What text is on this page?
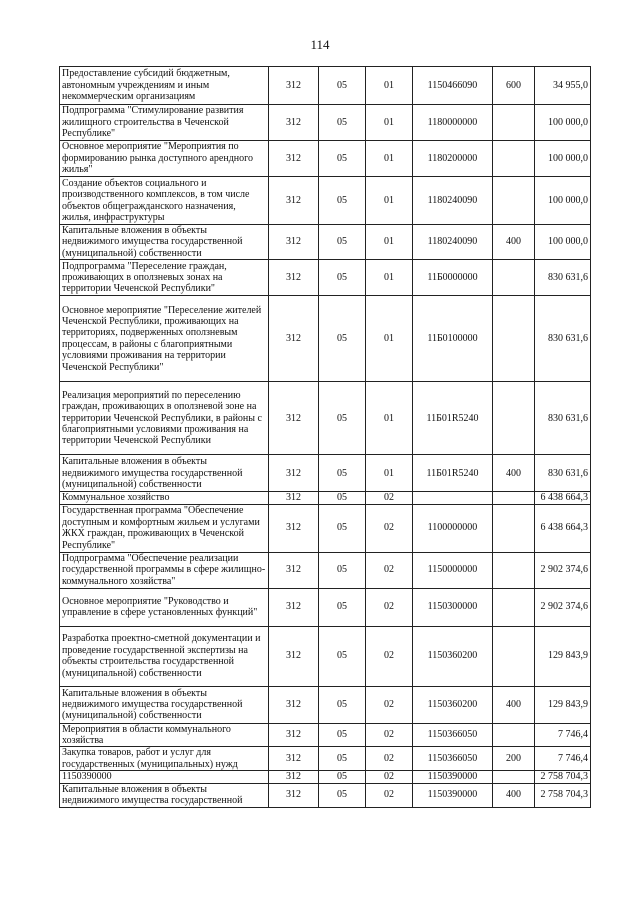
114
Предоставление субсидий бюджетным, автономным учреждениям и иным некоммерческим организациям	312	05	01	1150466090	600	34 955,0
Подпрограмма "Стимулирование развития жилищного строительства в Чеченской Республике"	312	05	01	1180000000		100 000,0
Основное мероприятие "Мероприятия по формированию рынка доступного арендного жилья"	312	05	01	1180200000		100 000,0
Создание объектов социального и производственного комплексов, в том числе объектов общегражданского назначения, жилья, инфраструктуры	312	05	01	1180240090		100 000,0
Капитальные вложения в объекты недвижимого имущества государственной (муниципальной) собственности	312	05	01	1180240090	400	100 000,0
Подпрограмма "Переселение граждан, проживающих в оползневых зонах на территории Чеченской Республики"	312	05	01	11Б0000000		830 631,6
Основное мероприятие "Переселение жителей Чеченской Республики, проживающих на территориях, подверженных оползневым процессам, в районы с благоприятными условиями проживания на территории Чеченской Республики"	312	05	01	11Б0100000		830 631,6
Реализация мероприятий по переселению граждан, проживающих в оползневой зоне на территории Чеченской Республики, в районы с благоприятными условиями проживания на территории Чеченской Республики	312	05	01	11Б01R5240		830 631,6
Капитальные вложения в объекты недвижимого имущества государственной (муниципальной) собственности	312	05	01	11Б01R5240	400	830 631,6
Коммунальное хозяйство	312	05	02			6 438 664,3
Государственная программа "Обеспечение доступным и комфортным жильем и услугами ЖКХ граждан, проживающих в Чеченской Республике"	312	05	02	1100000000		6 438 664,3
Подпрограмма "Обеспечение реализации государственной программы в сфере жилищно-коммунального хозяйства"	312	05	02	1150000000		2 902 374,6
Основное мероприятие "Руководство и управление в сфере установленных функций"	312	05	02	1150300000		2 902 374,6
Разработка проектно-сметной документации и проведение государственной экспертизы на объекты строительства государственной (муниципальной) собственности	312	05	02	1150360200		129 843,9
Капитальные вложения в объекты недвижимого имущества государственной (муниципальной) собственности	312	05	02	1150360200	400	129 843,9
Мероприятия в области коммунального хозяйства	312	05	02	1150366050		7 746,4
Закупка товаров, работ и услуг для государственных (муниципальных) нужд	312	05	02	1150366050	200	7 746,4
1150390000	312	05	02	1150390000		2 758 704,3
Капитальные вложения в объекты недвижимого имущества государственной	312	05	02	1150390000	400	2 758 704,3
